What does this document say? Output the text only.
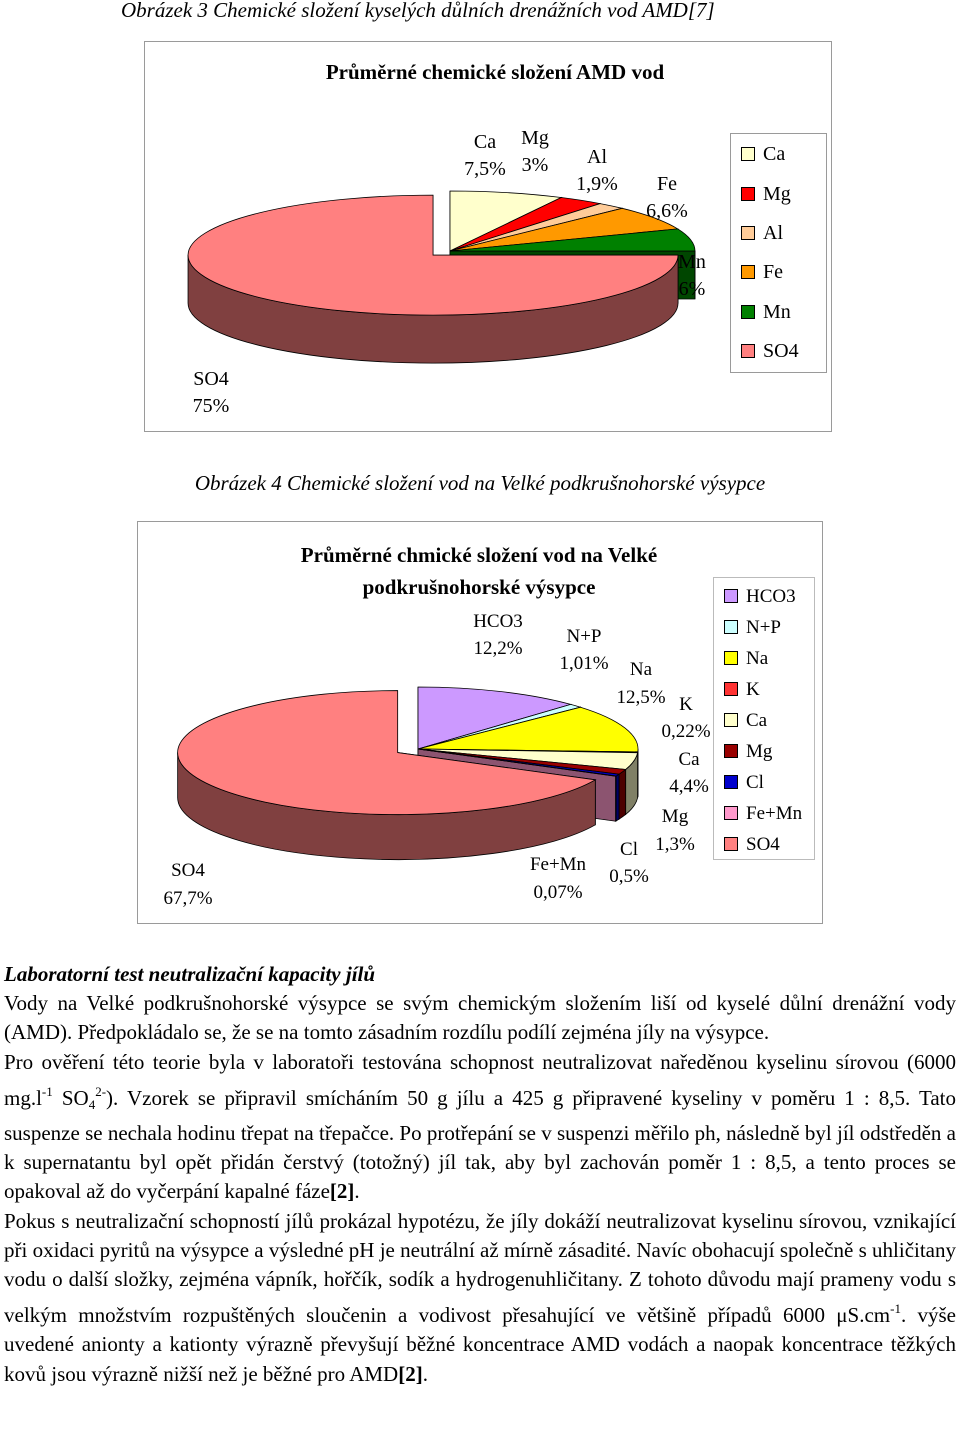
Obrázek 3 Chemické složení kyselých důlních drenážních vod AMD[7]
Průměrné chemické složení AMD vod
Ca
7,5%
Mg
3% Al
1,9% Fe
6,6%
Mn
6%
SO4
75%
Ca
Mg
Al
Fe
Mn
SO4
Obrázek 4 Chemické složení vod na Velké podkrušnohorské výsypce
Průměrné chmické složení vod na Velké
podkrušnohorské výsypce
HCO3
12,2%
N+P
1,01% Na
12,5% K
0,22%
Ca
4,4%
Mg
1,3%
Cl
0,5%
Fe+Mn
0,07%
SO4
67,7%
HCO3
N+P
Na
K
Ca
Mg
Cl
Fe+Mn
SO4

Laboratorní test neutralizační kapacity jílů

Vody na Velké podkrušnohorské výsypce se svým chemickým složením liší od kyselé důlní drenážní vody (AMD). Předpokládalo se, že se na tomto zásadním rozdílu podílí zejména jíly na výsypce.

Pro ověření této teorie byla v laboratoři testována schopnost neutralizovat naředěnou kyselinu sírovou (6000 $mg.l^{-1}$ $SO_4^{2-}$). Vzorek se připravil smícháním 50 g jílu a 425 g připravené kyseliny v poměru 1 : 8,5. Tato suspenze se nechala hodinu třepat na třepačce. Po protřepání se v suspenzi měřilo ph, následně byl jíl odstředěn a k supernatantu byl opět přidán čerstvý (totožný) jíl tak, aby byl zachován poměr 1 : 8,5, a tento proces se opakoval až do vyčerpání kapalné fáze[2].

Pokus s neutralizační schopností jílů prokázal hypotézu, že jíly dokáží neutralizovat kyselinu sírovou, vznikající při oxidaci pyritů na výsypce a výsledné pH je neutrální až mírně zásadité. Navíc obohacují společně s uhličitany vodu o další složky, zejména vápník, hořčík, sodík a hydrogenuhličitany. Z tohoto důvodu mají prameny vodu s velkým množstvím rozpuštěných sloučenin a vodivost přesahující ve většině případů 6000 $\mu S.cm^{-1}$. výše uvedené anionty a kationty výrazně převyšují běžné koncentrace AMD vodách a naopak koncentrace těžkých kovů jsou výrazně nižší než je běžné pro AMD[2].
